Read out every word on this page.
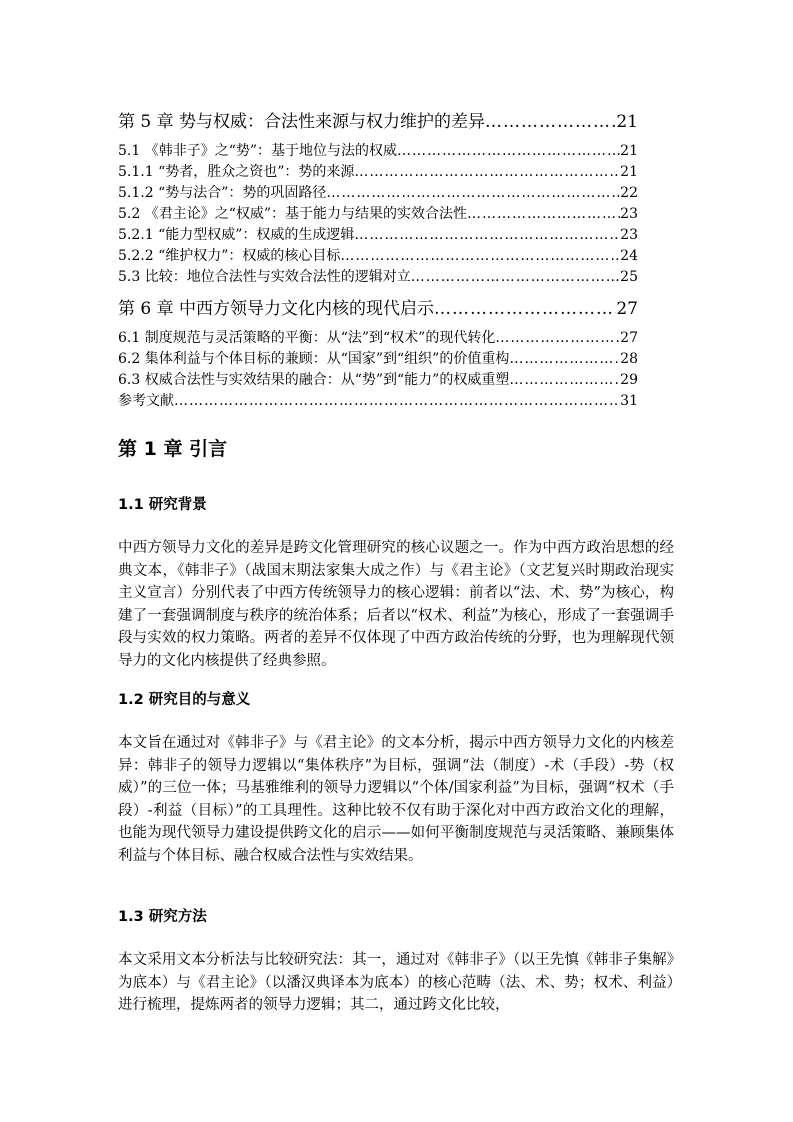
第 5 章 势与权威：合法性来源与权力维护的差异 ………………………………………………………………………………………………………………………………………………	21
5.1 《韩非子》之“势”：基于地位与法的权威 ………………………………………………………………………………………………………………………………………………	21
5.1.1 “势者，胜众之资也”：势的来源 ………………………………………………………………………………………………………………………………………………	21
5.1.2 “势与法合”：势的巩固路径 ………………………………………………………………………………………………………………………………………………	22
5.2 《君主论》之“权威”：基于能力与结果的实效合法性 ………………………………………………………………………………………………………………………………………………	23
5.2.1 “能力型权威”：权威的生成逻辑 ………………………………………………………………………………………………………………………………………………	23
5.2.2 “维护权力”：权威的核心目标 ………………………………………………………………………………………………………………………………………………	24
5.3 比较：地位合法性与实效合法性的逻辑对立 ………………………………………………………………………………………………………………………………………………	25
第 6 章 中西方领导力文化内核的现代启示 ………………………………………………………………………………………………………………………………………………	27
6.1 制度规范与灵活策略的平衡：从“法”到“权术”的现代转化 ………………………………………………………………………………………………………………………………………………	27
6.2 集体利益与个体目标的兼顾：从“国家”到“组织”的价值重构 ………………………………………………………………………………………………………………………………………………	28
6.3 权威合法性与实效结果的融合：从“势”到“能力”的权威重塑 ………………………………………………………………………………………………………………………………………………	29
参考文献 ………………………………………………………………………………………………………………………………………………	31
第 1 章 引言
1.1 研究背景
中西方领导力文化的差异是跨文化管理研究的核心议题之一。作为中西方政治思想的经典文本，《韩非子》（战国末期法家集大成之作）与《君主论》（文艺复兴时期政治现实主义宣言）分别代表了中西方传统领导力的核心逻辑：前者以“法、术、势”为核心，构建了一套强调制度与秩序的统治体系；后者以“权术、利益”为核心，形成了一套强调手段与实效的权力策略。两者的差异不仅体现了中西方政治传统的分野，也为理解现代领导力的文化内核提供了经典参照。
1.2 研究目的与意义
本文旨在通过对《韩非子》与《君主论》的文本分析，揭示中西方领导力文化的内核差异：韩非子的领导力逻辑以“集体秩序”为目标，强调“法（制度）-术（手段）-势（权威）”的三位一体；马基雅维利的领导力逻辑以“个体/国家利益”为目标，强调“权术（手段）-利益（目标）”的工具理性。这种比较不仅有助于深化对中西方政治文化的理解，也能为现代领导力建设提供跨文化的启示——如何平衡制度规范与灵活策略、兼顾集体利益与个体目标、融合权威合法性与实效结果。
1.3 研究方法
本文采用文本分析法与比较研究法：其一，通过对《韩非子》（以王先慎《韩非子集解》为底本）与《君主论》（以潘汉典译本为底本）的核心范畴（法、术、势；权术、利益）进行梳理，提炼两者的领导力逻辑；其二，通过跨文化比较，
